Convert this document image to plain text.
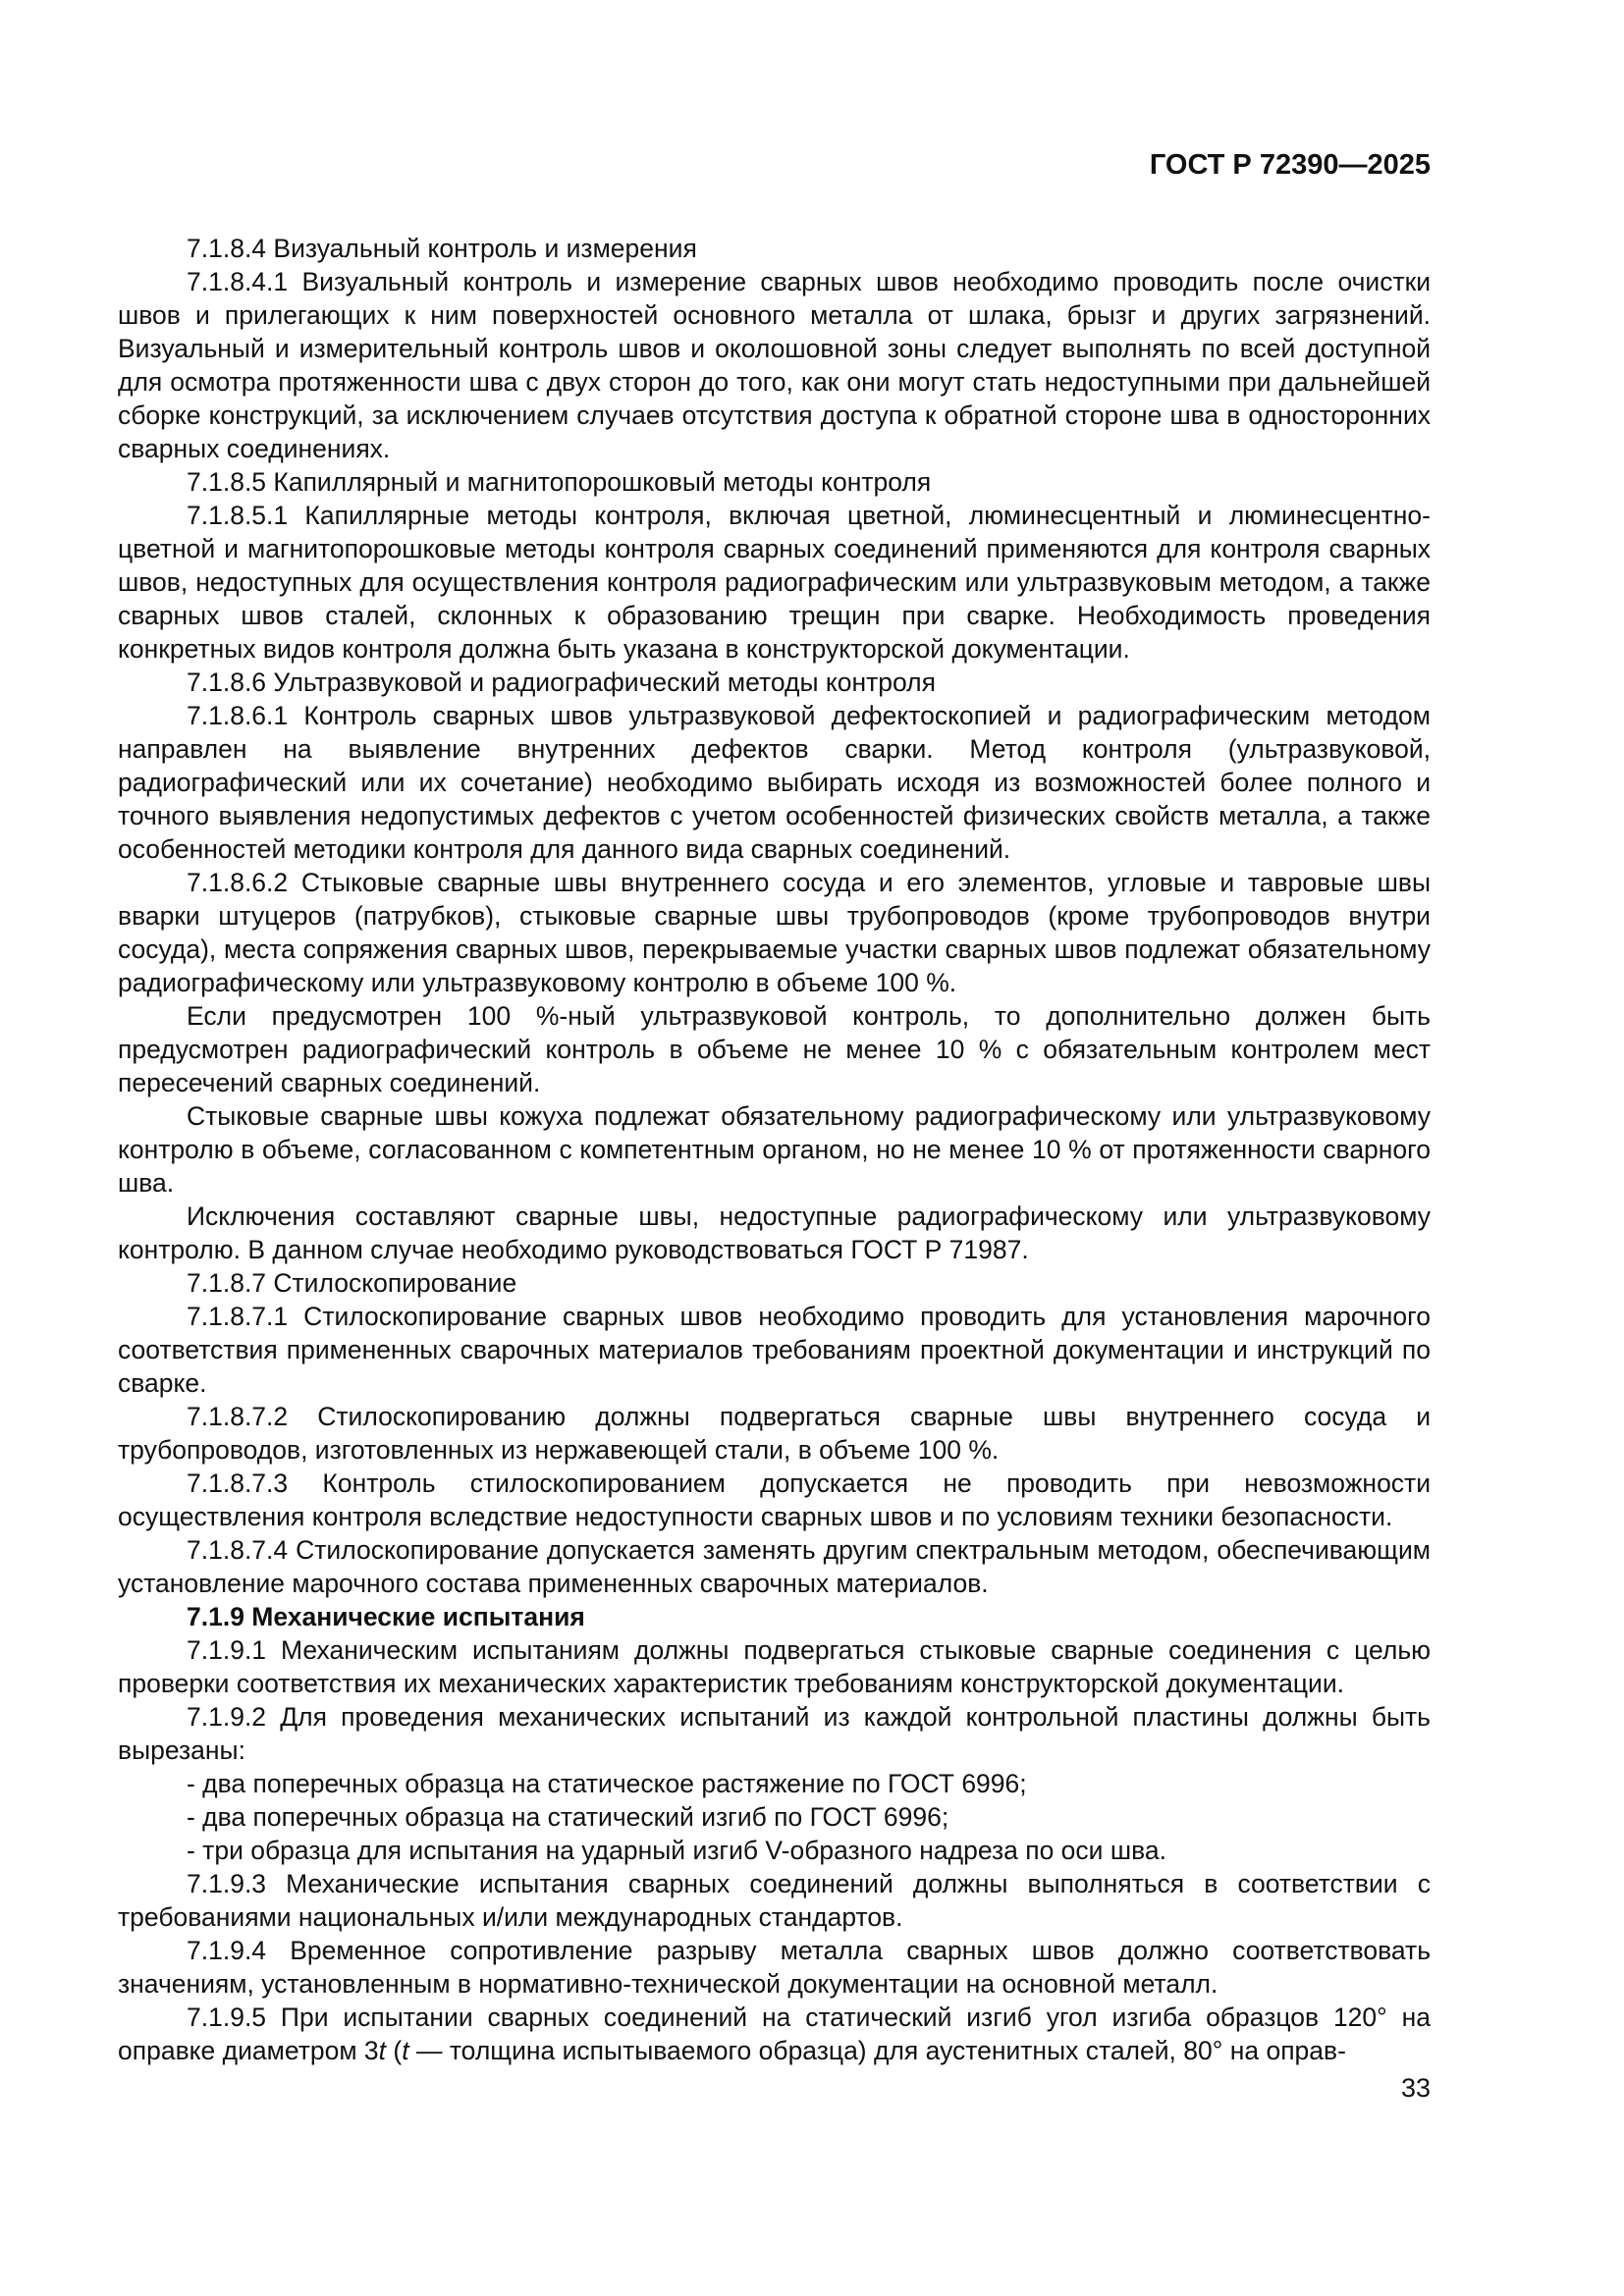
ГОСТ Р 72390—2025

7.1.8.4 Визуальный контроль и измерения

7.1.8.4.1 Визуальный контроль и измерение сварных швов необходимо проводить после очистки швов и прилегающих к ним поверхностей основного металла от шлака, брызг и других загрязнений. Визуальный и измерительный контроль швов и околошовной зоны следует выполнять по всей доступной для осмотра протяженности шва с двух сторон до того, как они могут стать недоступными при дальнейшей сборке конструкций, за исключением случаев отсутствия доступа к обратной стороне шва в односторонних сварных соединениях.

7.1.8.5 Капиллярный и магнитопорошковый методы контроля

7.1.8.5.1 Капиллярные методы контроля, включая цветной, люминесцентный и люминесцентно-цветной и магнитопорошковые методы контроля сварных соединений применяются для контроля сварных швов, недоступных для осуществления контроля радиографическим или ультразвуковым методом, а также сварных швов сталей, склонных к образованию трещин при сварке. Необходимость проведения конкретных видов контроля должна быть указана в конструкторской документации.

7.1.8.6 Ультразвуковой и радиографический методы контроля

7.1.8.6.1 Контроль сварных швов ультразвуковой дефектоскопией и радиографическим методом направлен на выявление внутренних дефектов сварки. Метод контроля (ультразвуковой, радиографический или их сочетание) необходимо выбирать исходя из возможностей более полного и точного выявления недопустимых дефектов с учетом особенностей физических свойств металла, а также особенностей методики контроля для данного вида сварных соединений.

7.1.8.6.2 Стыковые сварные швы внутреннего сосуда и его элементов, угловые и тавровые швы вварки штуцеров (патрубков), стыковые сварные швы трубопроводов (кроме трубопроводов внутри сосуда), места сопряжения сварных швов, перекрываемые участки сварных швов подлежат обязательному радиографическому или ультразвуковому контролю в объеме 100 %.

Если предусмотрен 100 %-ный ультразвуковой контроль, то дополнительно должен быть предусмотрен радиографический контроль в объеме не менее 10 % с обязательным контролем мест пересечений сварных соединений.

Стыковые сварные швы кожуха подлежат обязательному радиографическому или ультразвуковому контролю в объеме, согласованном с компетентным органом, но не менее 10 % от протяженности сварного шва.

Исключения составляют сварные швы, недоступные радиографическому или ультразвуковому контролю. В данном случае необходимо руководствоваться ГОСТ Р 71987.

7.1.8.7 Стилоскопирование

7.1.8.7.1 Стилоскопирование сварных швов необходимо проводить для установления марочного соответствия примененных сварочных материалов требованиям проектной документации и инструкций по сварке.

7.1.8.7.2 Стилоскопированию должны подвергаться сварные швы внутреннего сосуда и трубопроводов, изготовленных из нержавеющей стали, в объеме 100 %.

7.1.8.7.3 Контроль стилоскопированием допускается не проводить при невозможности осуществления контроля вследствие недоступности сварных швов и по условиям техники безопасности.

7.1.8.7.4 Стилоскопирование допускается заменять другим спектральным методом, обеспечивающим установление марочного состава примененных сварочных материалов.

7.1.9 Механические испытания

7.1.9.1 Механическим испытаниям должны подвергаться стыковые сварные соединения с целью проверки соответствия их механических характеристик требованиям конструкторской документации.

7.1.9.2 Для проведения механических испытаний из каждой контрольной пластины должны быть вырезаны:

- два поперечных образца на статическое растяжение по ГОСТ 6996;

- два поперечных образца на статический изгиб по ГОСТ 6996;

- три образца для испытания на ударный изгиб V-образного надреза по оси шва.

7.1.9.3 Механические испытания сварных соединений должны выполняться в соответствии с требованиями национальных и/или международных стандартов.

7.1.9.4 Временное сопротивление разрыву металла сварных швов должно соответствовать значениям, установленным в нормативно-технической документации на основной металл.

7.1.9.5 При испытании сварных соединений на статический изгиб угол изгиба образцов 120° на оправке диаметром 3t (t — толщина испытываемого образца) для аустенитных сталей, 80° на оправ-

33
